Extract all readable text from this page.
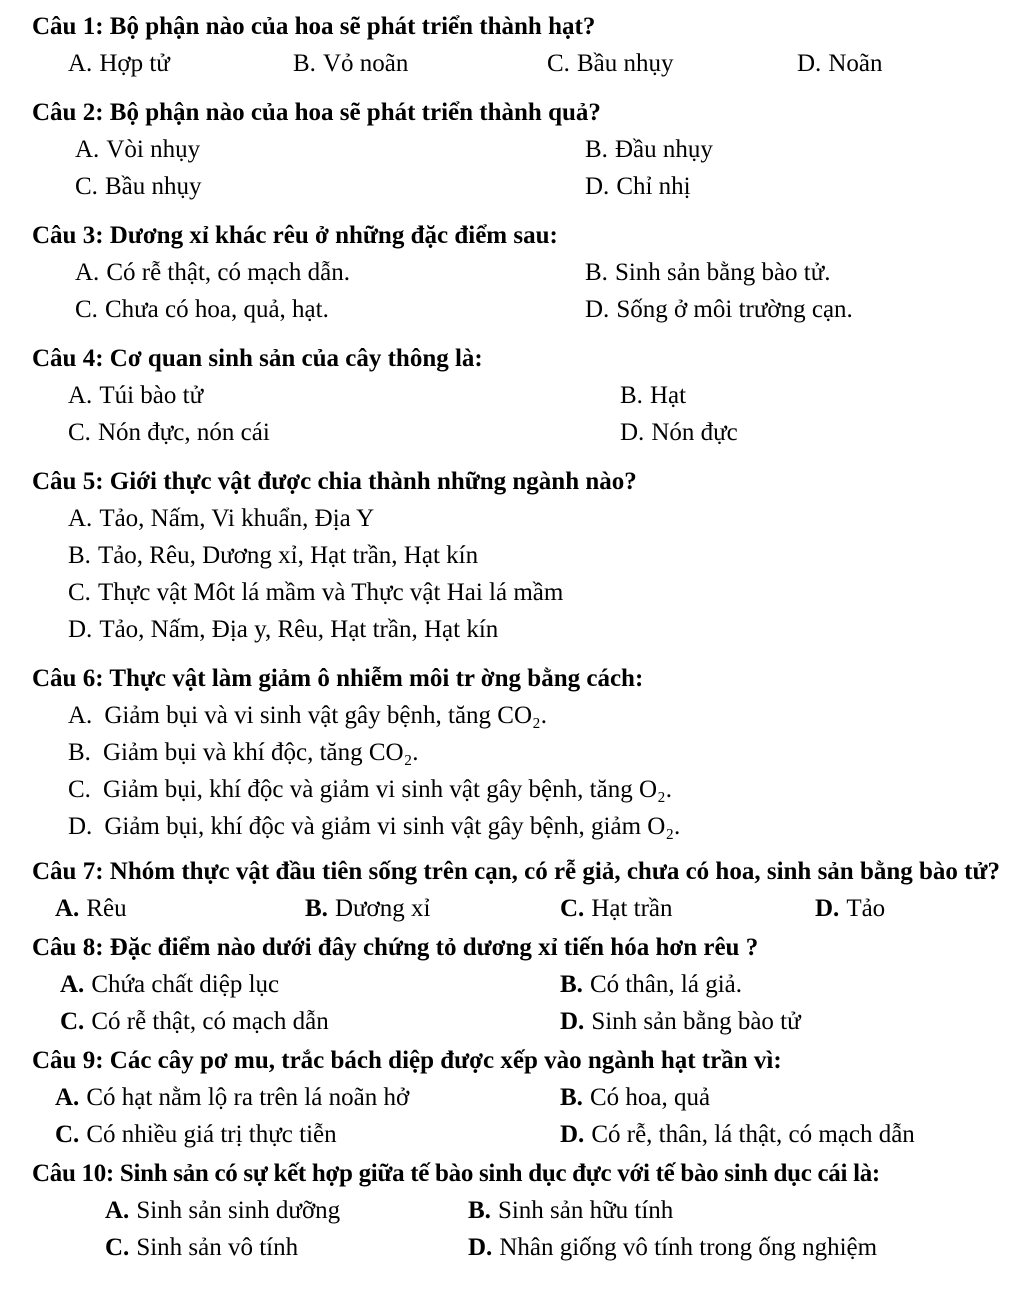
Câu 1: Bộ phận nào của hoa sẽ phát triển thành hạt?
A. Hợp tử	B. Vỏ noãn	C. Bầu nhụy	D. Noãn
Câu 2: Bộ phận nào của hoa sẽ phát triển thành quả?
A. Vòi nhụy	B. Đầu nhụy
C. Bầu nhụy	D. Chỉ nhị
Câu 3: Dương xỉ khác rêu ở những đặc điểm sau:
A. Có rễ thật, có mạch dẫn.	B. Sinh sản bằng bào tử.
C. Chưa có hoa, quả, hạt.	D. Sống ở môi trường cạn.
Câu 4: Cơ quan sinh sản của cây thông là:
A. Túi bào tử	B. Hạt
C. Nón đực, nón cái	D. Nón đực
Câu 5: Giới thực vật được chia thành những ngành nào?
A. Tảo, Nấm, Vi khuẩn, Địa Y
B. Tảo, Rêu, Dương xỉ, Hạt trần, Hạt kín
C. Thực vật Môt lá mầm và Thực vật Hai lá mầm
D. Tảo, Nấm, Địa y, Rêu, Hạt trần, Hạt kín
Câu 6: Thực vật làm giảm ô nhiễm môi tr ờng bằng cách:
A. Giảm bụi và vi sinh vật gây bệnh, tăng CO₂.
B. Giảm bụi và khí độc, tăng CO₂.
C. Giảm bụi, khí độc và giảm vi sinh vật gây bệnh, tăng O₂.
D. Giảm bụi, khí độc và giảm vi sinh vật gây bệnh, giảm O₂.
Câu 7: Nhóm thực vật đầu tiên sống trên cạn, có rễ giả, chưa có hoa, sinh sản bằng bào tử?
A. Rêu	B. Dương xỉ	C. Hạt trần	D. Tảo
Câu 8: Đặc điểm nào dưới đây chứng tỏ dương xỉ tiến hóa hơn rêu ?
A. Chứa chất diệp lục	B. Có thân, lá giả.
C. Có rễ thật, có mạch dẫn	D. Sinh sản bằng bào tử
Câu 9: Các cây pơ mu, trắc bách diệp được xếp vào ngành hạt trần vì:
A. Có hạt nằm lộ ra trên lá noãn hở	B. Có hoa, quả
C. Có nhiều giá trị thực tiễn	D. Có rễ, thân, lá thật, có mạch dẫn
Câu 10: Sinh sản có sự kết hợp giữa tế bào sinh dục đực với tế bào sinh dục cái là:
A. Sinh sản sinh dưỡng	B. Sinh sản hữu tính
C. Sinh sản vô tính	D. Nhân giống vô tính trong ống nghiệm
